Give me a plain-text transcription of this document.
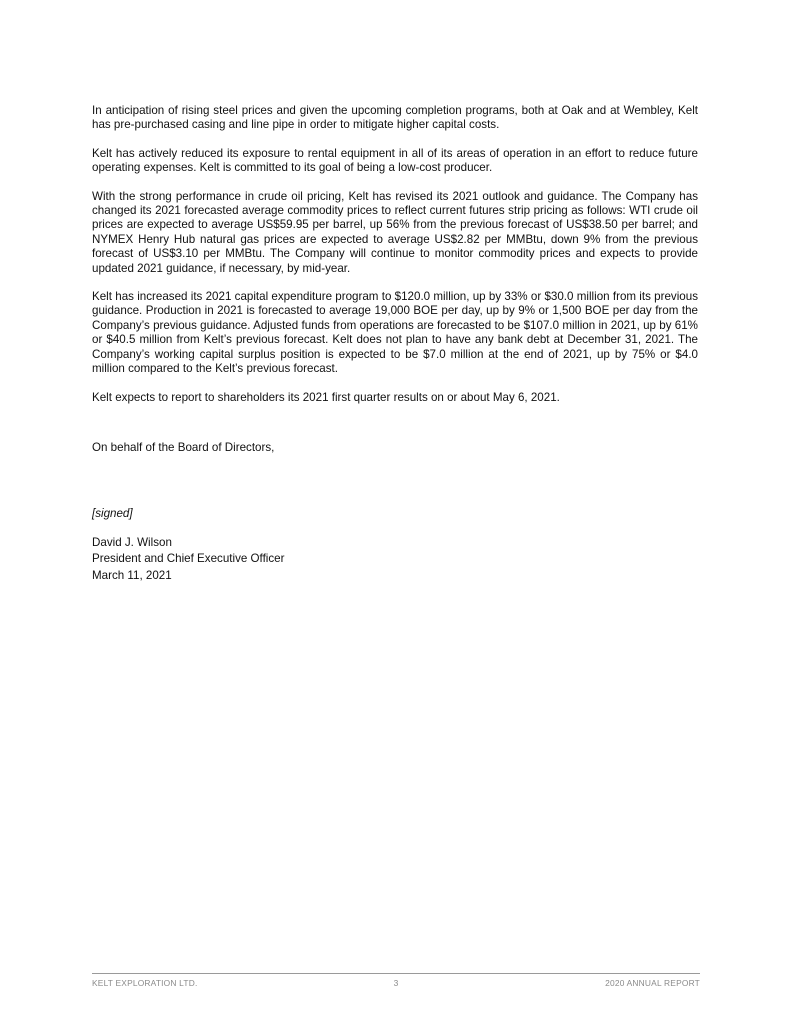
In anticipation of rising steel prices and given the upcoming completion programs, both at Oak and at Wembley, Kelt has pre-purchased casing and line pipe in order to mitigate higher capital costs.

Kelt has actively reduced its exposure to rental equipment in all of its areas of operation in an effort to reduce future operating expenses. Kelt is committed to its goal of being a low-cost producer.

With the strong performance in crude oil pricing, Kelt has revised its 2021 outlook and guidance. The Company has changed its 2021 forecasted average commodity prices to reflect current futures strip pricing as follows: WTI crude oil prices are expected to average US$59.95 per barrel, up 56% from the previous forecast of US$38.50 per barrel; and NYMEX Henry Hub natural gas prices are expected to average US$2.82 per MMBtu, down 9% from the previous forecast of US$3.10 per MMBtu. The Company will continue to monitor commodity prices and expects to provide updated 2021 guidance, if necessary, by mid-year.

Kelt has increased its 2021 capital expenditure program to $120.0 million, up by 33% or $30.0 million from its previous guidance. Production in 2021 is forecasted to average 19,000 BOE per day, up by 9% or 1,500 BOE per day from the Company’s previous guidance. Adjusted funds from operations are forecasted to be $107.0 million in 2021, up by 61% or $40.5 million from Kelt’s previous forecast. Kelt does not plan to have any bank debt at December 31, 2021. The Company’s working capital surplus position is expected to be $7.0 million at the end of 2021, up by 75% or $4.0 million compared to the Kelt’s previous forecast.

Kelt expects to report to shareholders its 2021 first quarter results on or about May 6, 2021.

On behalf of the Board of Directors,

[signed]
David J. Wilson
President and Chief Executive Officer
March 11, 2021
KELT EXPLORATION LTD.	3	2020 ANNUAL REPORT
